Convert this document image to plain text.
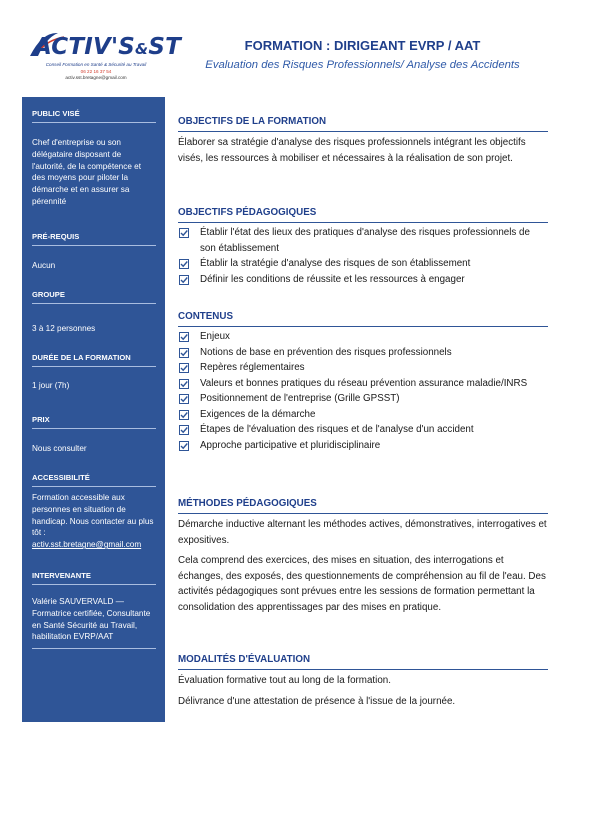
ACTIV'S&ST
Conseil Formation en Santé & Sécurité au Travail
06 22 16 37 54
activ.sst.bretagne@gmail.com
FORMATION : DIRIGEANT EVRP / AAT
Evaluation des Risques Professionnels/ Analyse des Accidents
PUBLIC VISÉ
Chef d'entreprise ou son délégataire disposant de l'autorité, de la compétence et des moyens pour piloter la démarche et en assurer sa pérennité
PRÉ-REQUIS
Aucun
GROUPE
3 à 12 personnes
DURÉE DE LA FORMATION
1 jour (7h)
PRIX
Nous consulter
ACCESSIBILITÉ
Formation accessible aux personnes en situation de handicap. Nous contacter au plus tôt :
activ.sst.bretagne@gmail.com
INTERVENANTE
Valérie SAUVERVALD — Formatrice certifiée, Consultante en Santé Sécurité au Travail, habilitation EVRP/AAT
OBJECTIFS DE LA FORMATION

Élaborer sa stratégie d'analyse des risques professionnels intégrant les objectifs visés, les ressources à mobiliser et nécessaires à la réalisation de son projet.

OBJECTIFS PÉDAGOGIQUES
Établir l'état des lieux des pratiques d'analyse des risques professionnels de son établissement
Établir la stratégie d'analyse des risques de son établissement
Définir les conditions de réussite et les ressources à engager
CONTENUS
Enjeux
Notions de base en prévention des risques professionnels
Repères réglementaires
Valeurs et bonnes pratiques du réseau prévention assurance maladie/INRS
Positionnement de l'entreprise (Grille GPSST)
Exigences de la démarche
Étapes de l'évaluation des risques et de l'analyse d'un accident
Approche participative et pluridisciplinaire
MÉTHODES PÉDAGOGIQUES

Démarche inductive alternant les méthodes actives, démonstratives, interrogatives et expositives.

Cela comprend des exercices, des mises en situation, des interrogations et échanges, des exposés, des questionnements de compréhension au fil de l'eau. Des activités pédagogiques sont prévues entre les sessions de formation permettant la consolidation des apprentissages par des mises en pratique.

MODALITÉS D'ÉVALUATION

Évaluation formative tout au long de la formation.

Délivrance d'une attestation de présence à l'issue de la journée.
